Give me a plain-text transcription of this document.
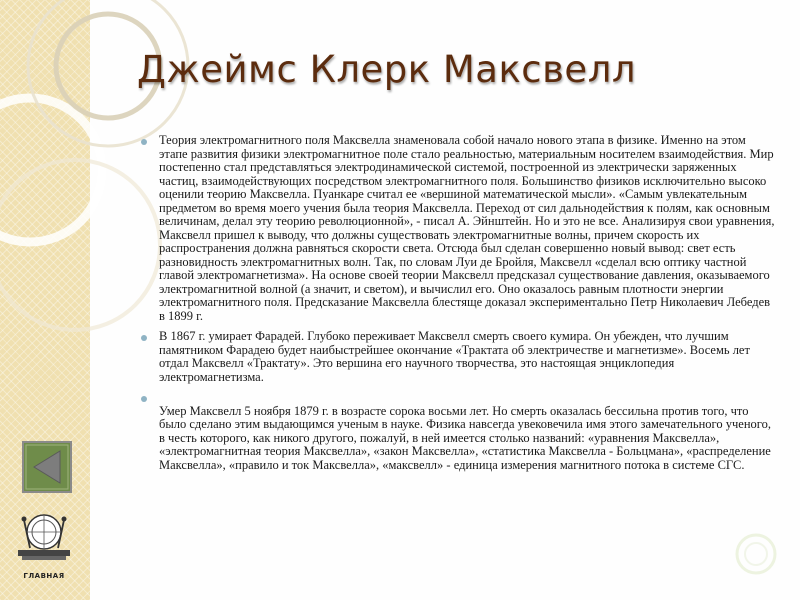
Джеймс Клерк Максвелл
Теория электромагнитного поля Максвелла знаменовала собой начало нового этапа в физике. Именно на этом этапе развития физики электромагнитное поле стало реальностью, материальным носителем взаимодействия. Мир постепенно стал представляться электродинамической системой, построенной из электрически заряженных частиц, взаимодействующих посредством электромагнитного поля. Большинство физиков исключительно высоко оценили теорию Максвелла. Пуанкаре считал ее «вершиной математической мысли». «Самым увлекательным предметом во время моего учения была теория Максвелла. Переход от сил дальнодействия к полям, как основным величинам, делал эту теорию революционной», - писал А. Эйнштейн. Но и это не все. Анализируя свои уравнения, Максвелл пришел к выводу, что должны существовать электромагнитные волны, причем скорость их распространения должна равняться скорости света. Отсюда был сделан совершенно новый вывод: свет есть разновидность электромагнитных волн. Так, по словам Луи де Бройля, Максвелл «сделал всю оптику частной главой электромагнетизма». На основе своей теории Максвелл предсказал существование давления, оказываемого электромагнитной волной (а значит, и светом), и вычислил его. Оно оказалось равным плотности энергии электромагнитного поля. Предсказание Максвелла блестяще доказал экспериментально Петр Николаевич Лебедев в 1899 г.
В 1867 г. умирает Фарадей. Глубоко переживает Максвелл смерть своего кумира. Он убежден, что лучшим памятником Фарадею будет наибыстрейшее окончание «Трактата об электричестве и магнетизме». Восемь лет отдал Максвелл «Трактату». Это вершина его научного творчества, это настоящая энциклопедия электромагнетизма.
Умер Максвелл 5 ноября 1879 г. в возрасте сорока восьми лет. Но смерть оказалась бессильна против того, что было сделано этим выдающимся ученым в науке. Физика навсегда увековечила имя этого замечательного ученого, в честь которого, как никого другого, пожалуй, в ней имеется столько названий: «уравнения Максвелла», «электромагнитная теория Максвелла», «закон Максвелла», «статистика Максвелла - Больцмана», «распределение Максвелла», «правило и ток Максвелла», «максвелл» - единица измерения магнитного потока в системе СГС.
ГЛАВНАЯ
